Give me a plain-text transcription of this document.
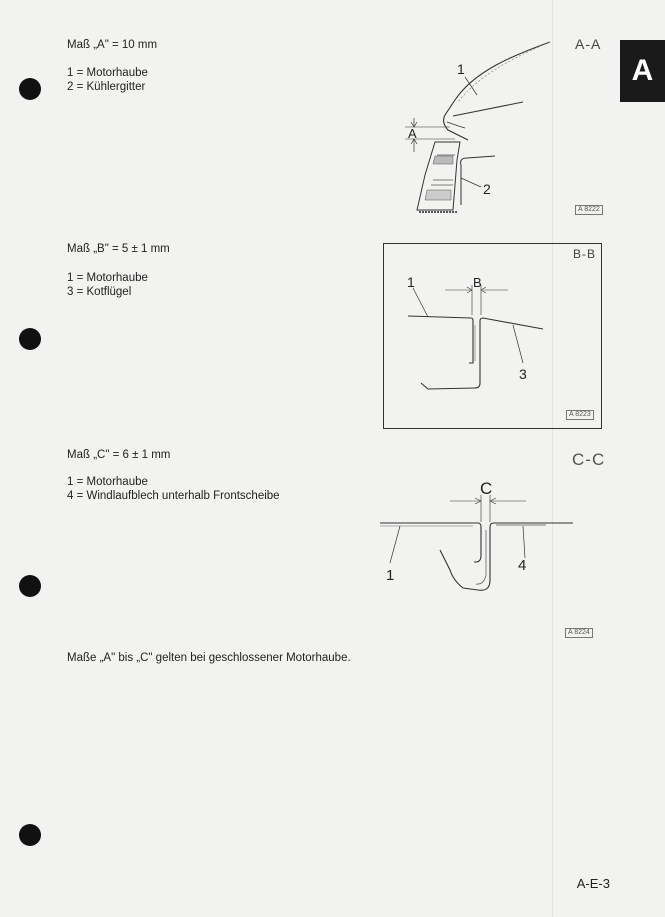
A
Maß „A" = 10 mm
1 = Motorhaube
2 = Kühlergitter
A-A
1
2
A
A 8222
Maß „B" = 5 ± 1 mm
1 = Motorhaube
3 = Kotflügel
1	B
3
B-B
A 8223
Maß „C" = 6 ± 1 mm
1 = Motorhaube
4 = Windlaufblech unterhalb Frontscheibe
C-C
C
1
4
A 8224
Maße „A" bis „C" gelten bei geschlossener Motorhaube.
A-E-3
